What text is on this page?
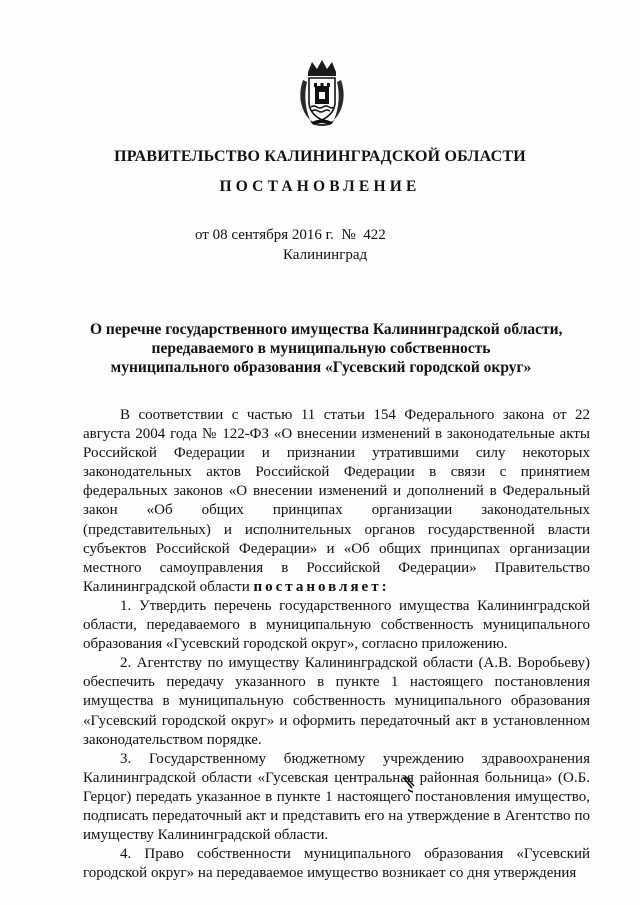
ПРАВИТЕЛЬСТВО КАЛИНИНГРАДСКОЙ ОБЛАСТИ
ПОСТАНОВЛЕНИЕ
от 08 сентября 2016 г.  №  422
Калининград
О перечне государственного имущества Калининградской области,
передаваемого в муниципальную собственность
муниципального образования «Гусевский городской округ»

В соответствии с частью 11 статьи 154 Федерального закона от 22 августа 2004 года № 122-ФЗ «О внесении изменений в законодательные акты Российской Федерации и признании утратившими силу некоторых законодательных актов Российской Федерации в связи с принятием федеральных законов «О внесении изменений и дополнений в Федеральный закон «Об общих принципах организации законодательных (представительных) и исполнительных органов государственной власти субъектов Российской Федерации» и «Об общих принципах организации местного самоуправления в Российской Федерации» Правительство Калининградской области постановляет:

1. Утвердить перечень государственного имущества Калининградской области, передаваемого в муниципальную собственность муниципального образования «Гусевский городской округ», согласно приложению.

2. Агентству по имуществу Калининградской области (А.В. Воробьеву) обеспечить передачу указанного в пункте 1 настоящего постановления имущества в муниципальную собственность муниципального образования «Гусевский городской округ» и оформить передаточный акт в установленном законодательством порядке.

3. Государственному бюджетному учреждению здравоохранения Калининградской области «Гусевская центральная районная больница» (О.Б. Герцог) передать указанное в пункте 1 настоящего постановления имущество, подписать передаточный акт и представить его на утверждение в Агентство по имуществу Калининградской области.

4. Право собственности муниципального образования «Гусевский городской округ» на передаваемое имущество возникает со дня утверждения
